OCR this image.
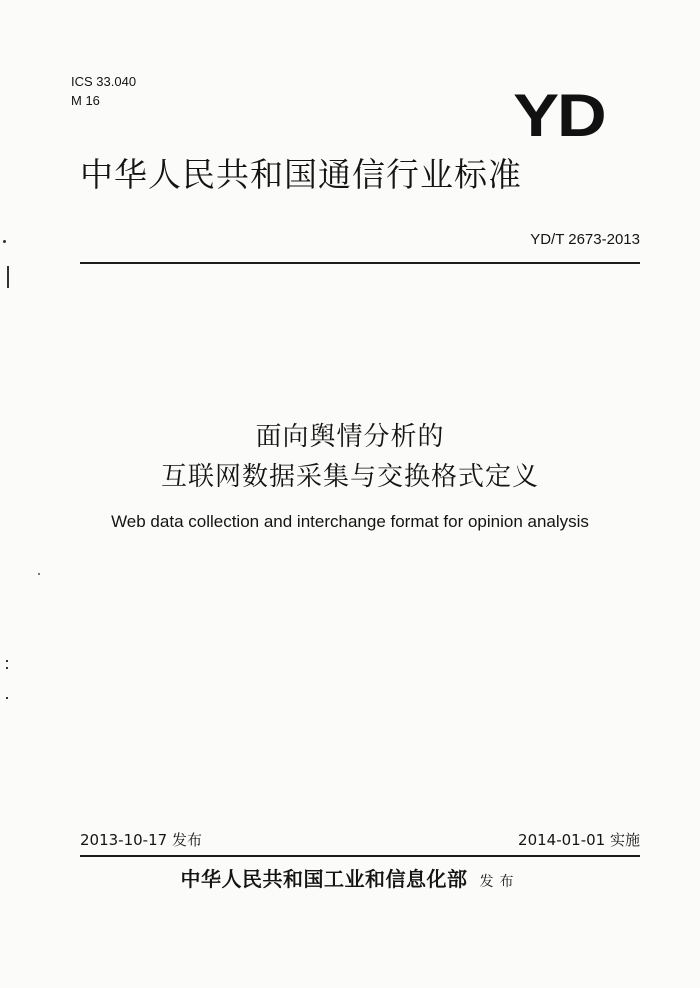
ICS 33.040
M 16	YD
中华人民共和国通信行业标准
YD/T 2673-2013
面向舆情分析的
互联网数据采集与交换格式定义
Web data collection and interchange format for opinion analysis
2013-10-17 发布	2014-01-01 实施
中华人民共和国工业和信息化部 发布
